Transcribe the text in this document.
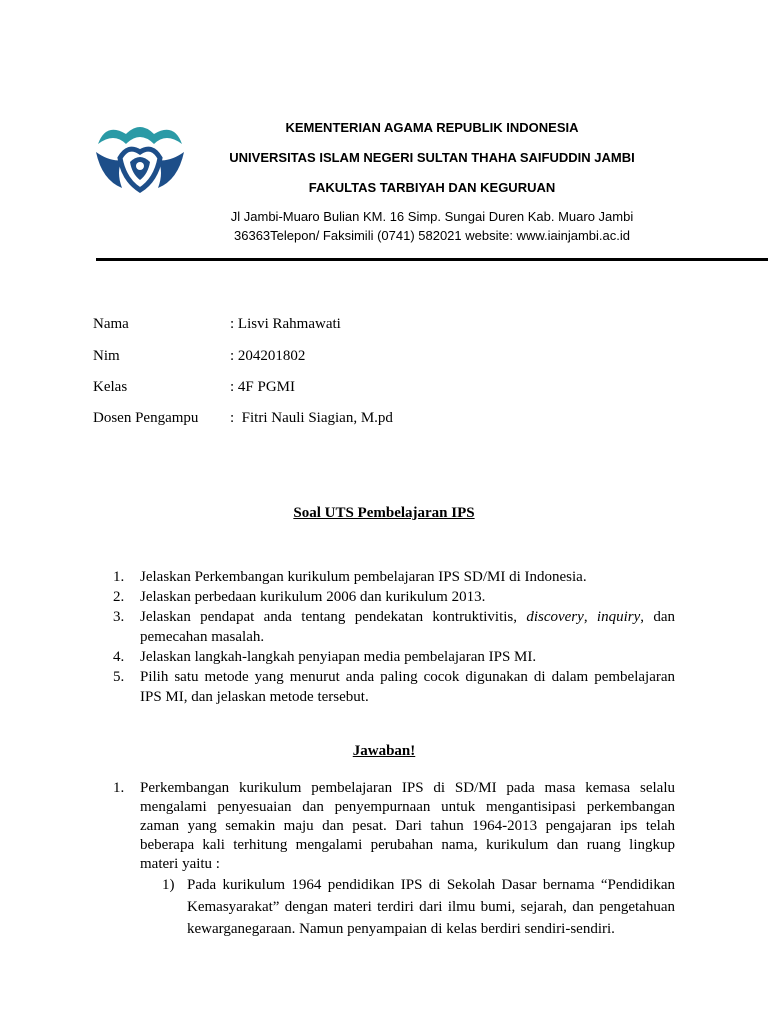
KEMENTERIAN AGAMA REPUBLIK INDONESIA
UNIVERSITAS ISLAM NEGERI SULTAN THAHA SAIFUDDIN JAMBI
FAKULTAS TARBIYAH DAN KEGURUAN
Jl Jambi-Muaro Bulian KM. 16 Simp. Sungai Duren Kab. Muaro Jambi
36363Telepon/ Faksimili (0741) 582021 website: www.iainjambi.ac.id
Nama	: Lisvi Rahmawati
Nim	: 204201802
Kelas	: 4F PGMI
Dosen Pengampu :  Fitri Nauli Siagian, M.pd
Soal UTS Pembelajaran IPS
1. Jelaskan Perkembangan kurikulum pembelajaran IPS SD/MI di Indonesia.
2. Jelaskan perbedaan kurikulum 2006 dan kurikulum 2013.
3. Jelaskan pendapat anda tentang pendekatan kontruktivitis, discovery, inquiry, dan pemecahan masalah.
4. Jelaskan langkah-langkah penyiapan media pembelajaran IPS MI.
5. Pilih satu metode yang menurut anda paling cocok digunakan di dalam pembelajaran IPS MI, dan jelaskan metode tersebut.
Jawaban!
1. Perkembangan kurikulum pembelajaran IPS di SD/MI pada masa kemasa selalu mengalami penyesuaian dan penyempurnaan untuk mengantisipasi perkembangan zaman yang semakin maju dan pesat. Dari tahun 1964-2013 pengajaran ips telah beberapa kali terhitung mengalami perubahan nama, kurikulum dan ruang lingkup materi yaitu :
1) Pada kurikulum 1964 pendidikan IPS di Sekolah Dasar bernama “Pendidikan Kemasyarakat” dengan materi terdiri dari ilmu bumi, sejarah, dan pengetahuan kewarganegaraan. Namun penyampaian di kelas berdiri sendiri-sendiri.
